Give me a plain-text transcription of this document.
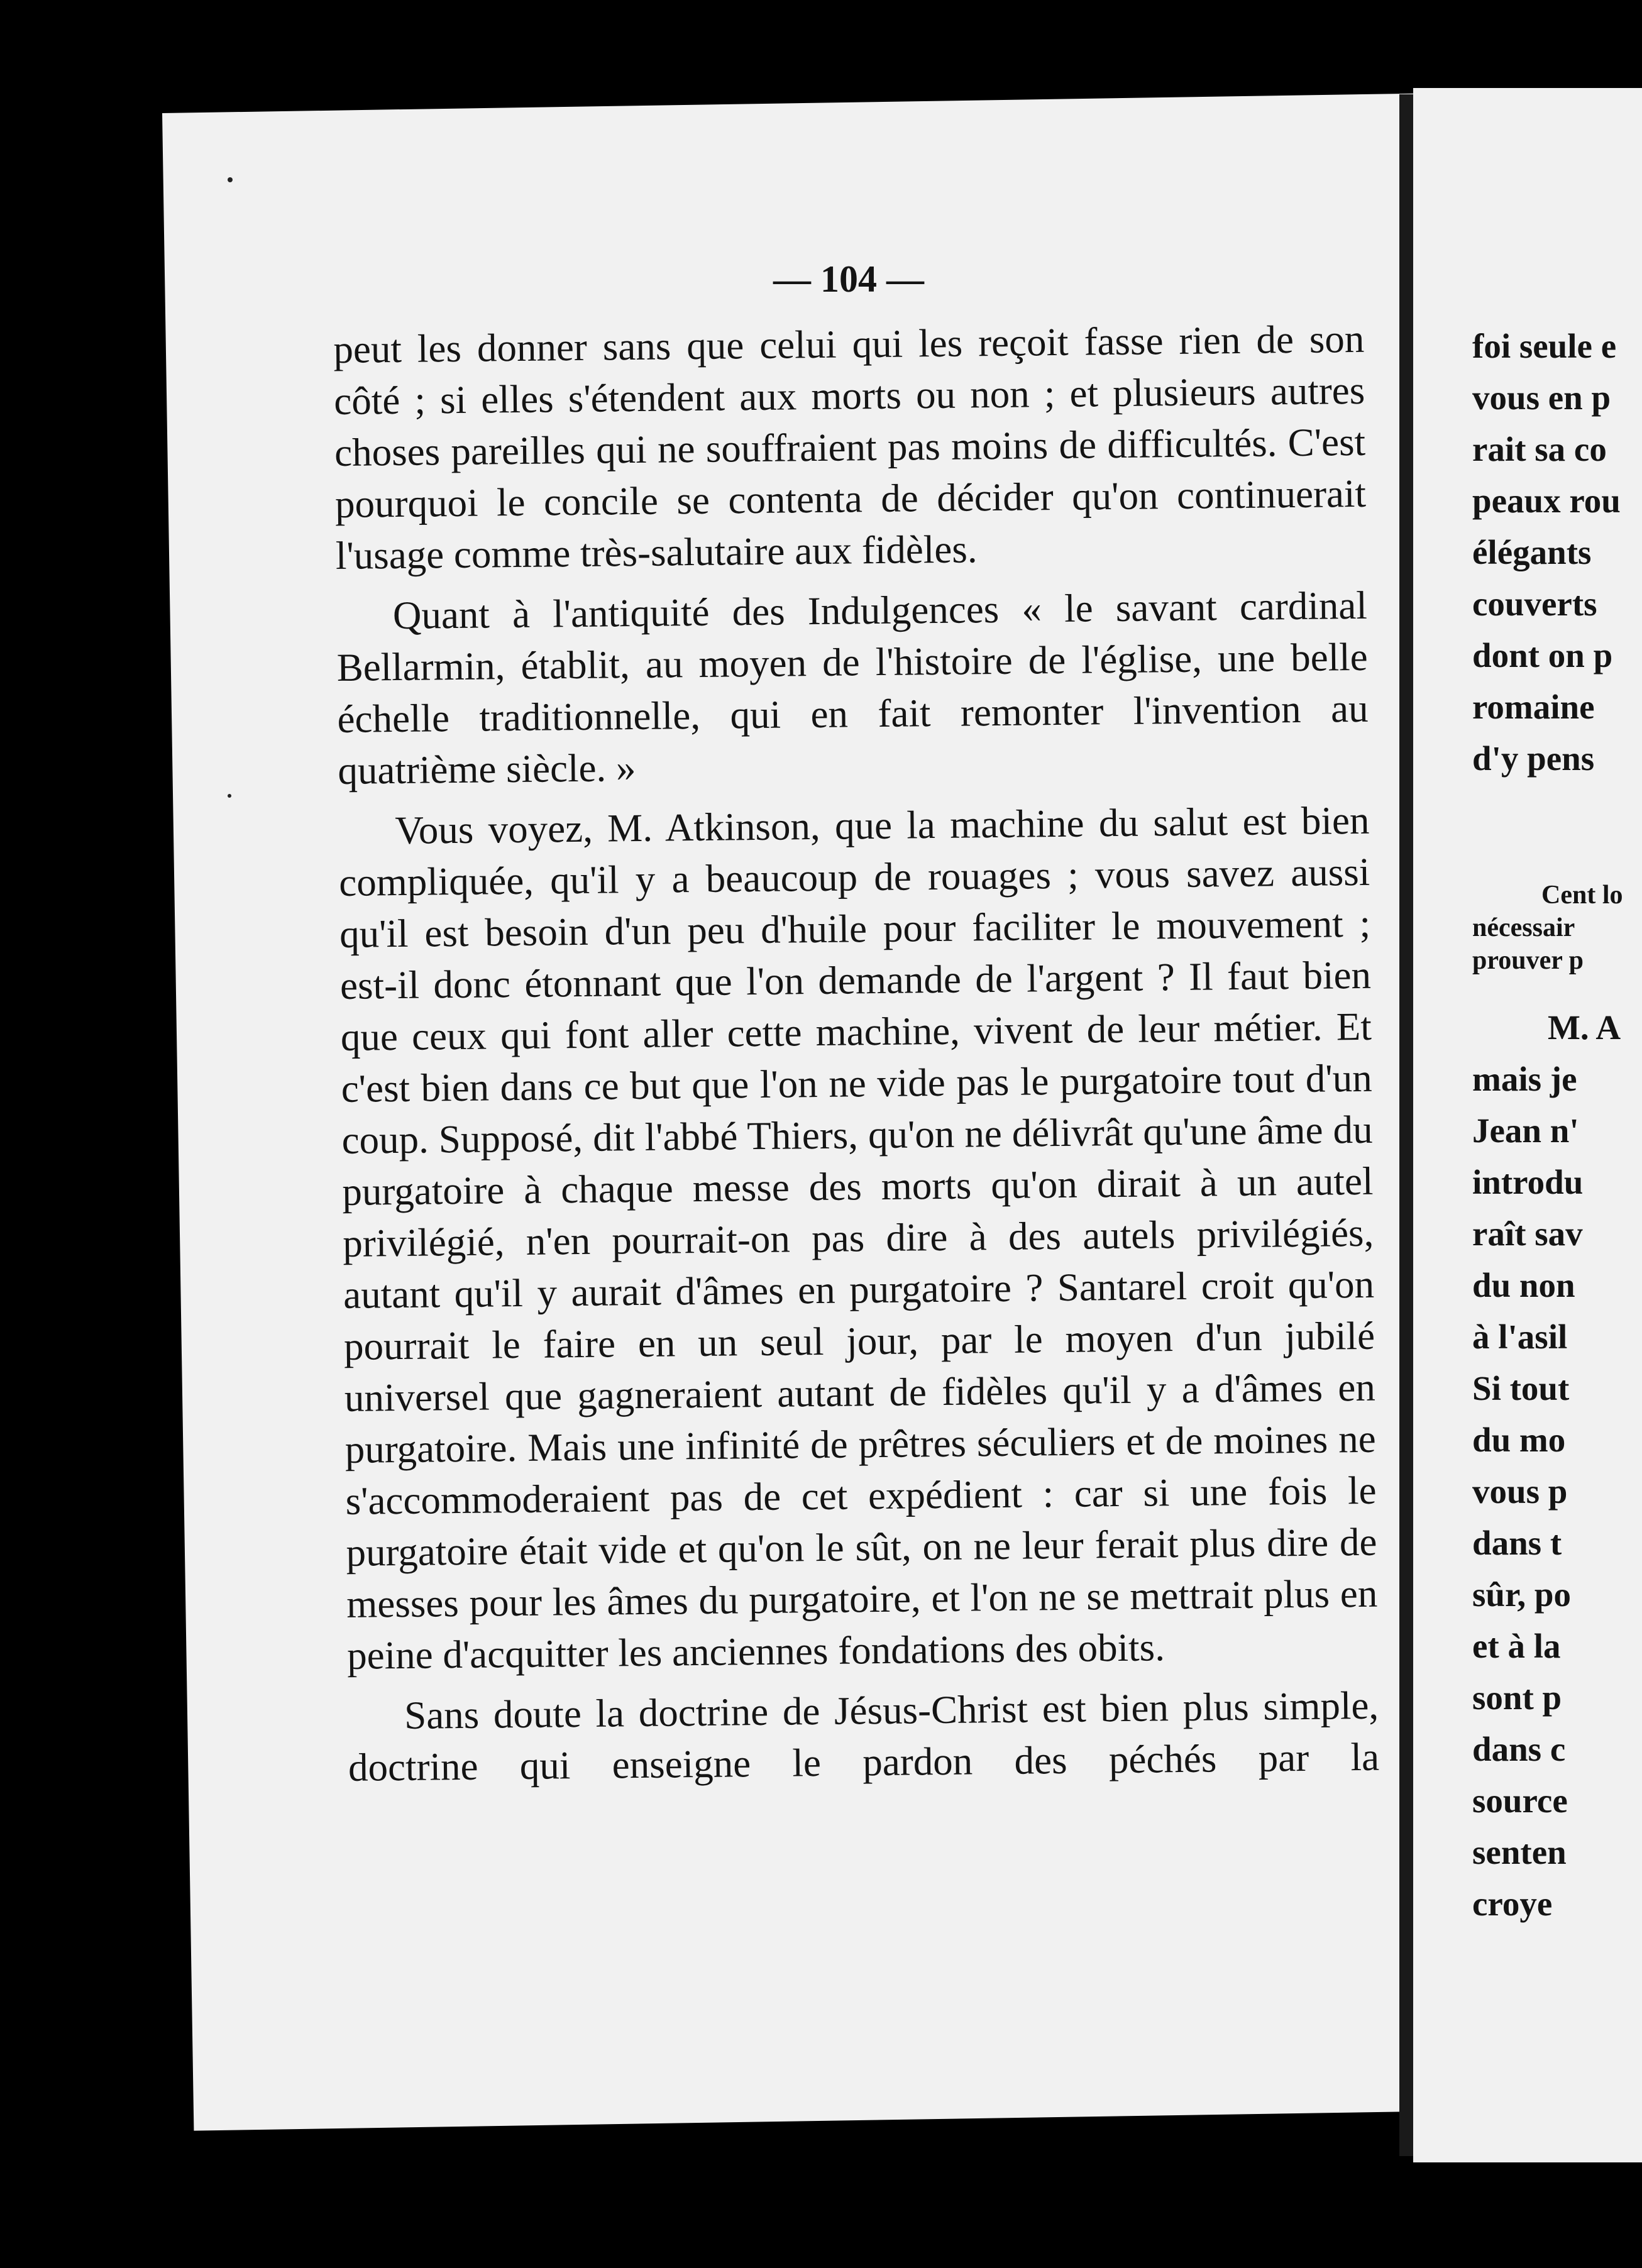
— 104 —

peut les donner sans que celui qui les reçoit fasse rien de son côté ; si elles s'étendent aux morts ou non ; et plusieurs autres choses pareilles qui ne souffraient pas moins de difficultés. C'est pourquoi le concile se contenta de décider qu'on continuerait l'usage comme très-salutaire aux fidèles.

Quant à l'antiquité des Indulgences « le savant cardinal Bellarmin, établit, au moyen de l'histoire de l'église, une belle échelle traditionnelle, qui en fait remonter l'invention au quatrième siècle. »

Vous voyez, M. Atkinson, que la machine du salut est bien compliquée, qu'il y a beaucoup de rouages ; vous savez aussi qu'il est besoin d'un peu d'huile pour faciliter le mouvement ; est-il donc étonnant que l'on demande de l'argent ? Il faut bien que ceux qui font aller cette machine, vivent de leur métier. Et c'est bien dans ce but que l'on ne vide pas le purgatoire tout d'un coup. Supposé, dit l'abbé Thiers, qu'on ne délivrât qu'une âme du purgatoire à chaque messe des morts qu'on dirait à un autel privilégié, n'en pourrait-on pas dire à des autels privilégiés, autant qu'il y aurait d'âmes en purgatoire ? Santarel croit qu'on pourrait le faire en un seul jour, par le moyen d'un jubilé universel que gagneraient autant de fidèles qu'il y a d'âmes en purgatoire. Mais une infinité de prêtres séculiers et de moines ne s'accommoderaient pas de cet expédient : car si une fois le purgatoire était vide et qu'on le sût, on ne leur ferait plus dire de messes pour les âmes du purgatoire, et l'on ne se mettrait plus en peine d'acquitter les anciennes fondations des obits.

Sans doute la doctrine de Jésus-Christ est bien plus simple, doctrine qui enseigne le pardon des péchés par la

foi seule e
vous en p
rait sa co
peaux rou
élégants
couverts
dont on p
romaine
d'y pens
Cent lo
nécessair
prouver p
M. A
mais je
Jean n'
introdu
raît sav
du non
à l'asil
Si tout
du mo
vous p
dans t
sûr, po
et à la
sont p
dans c
source
senten
croye
